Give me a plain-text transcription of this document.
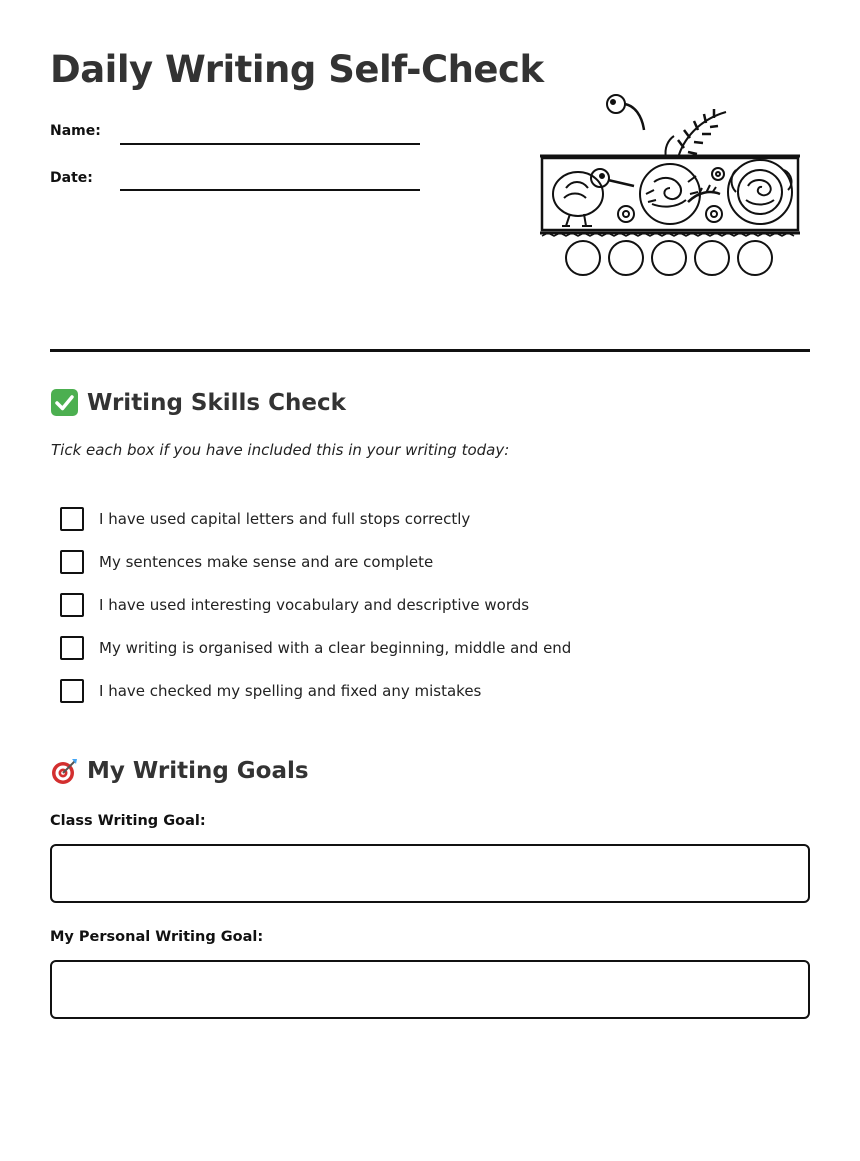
Daily Writing Self-Check
Name:
Date:
Writing Skills Check
Tick each box if you have included this in your writing today:
I have used capital letters and full stops correctly
My sentences make sense and are complete
I have used interesting vocabulary and descriptive words
My writing is organised with a clear beginning, middle and end
I have checked my spelling and fixed any mistakes
My Writing Goals
Class Writing Goal:
My Personal Writing Goal:
